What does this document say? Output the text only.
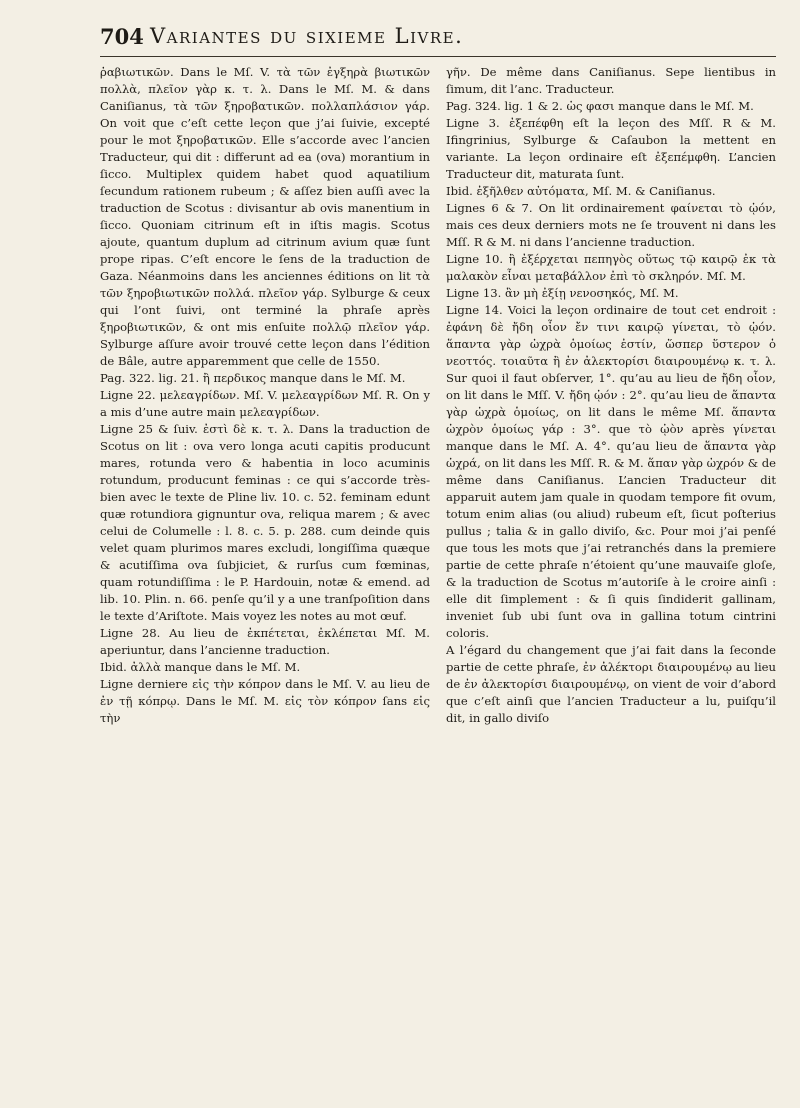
704 Variantes du sixieme Livre.

ῥαβιωτικῶν. Dans le Mſ. V. τὰ τῶν ἐγξηρὰ βιωτικῶν πολλὰ, πλεῖον γὰρ κ. τ. λ. Dans le Mſ. M. & dans Caniſianus, τὰ τῶν ξηροβατικῶν. πολλαπλάσιον γάρ. On voit que c’eſt cette leçon que j’ai ſuivie, excepté pour le mot ξηροβατικῶν. Elle s’accorde avec l’ancien Traducteur, qui dit : differunt ad ea (ova) morantium in ſicco. Multiplex quidem habet quod aquatilium ſecundum rationem rubeum ; & aſſez bien auſſi avec la traduction de Scotus : divisantur ab ovis manentium in ſicco. Quoniam citrinum eſt in iſtis magis. Scotus ajoute, quantum duplum ad citrinum avium quæ ſunt prope ripas. C’eſt encore le ſens de la traduction de Gaza. Néanmoins dans les anciennes éditions on lit τὰ τῶν ξηροβιωτικῶν πολλά. πλεῖον γάρ. Sylburge & ceux qui l’ont ſuivi, ont terminé la phraſe après ξηροβιωτικῶν, & ont mis enſuite πολλῷ πλεῖον γάρ. Sylburge aſſure avoir trouvé cette leçon dans l’édition de Bâle, autre apparemment que celle de 1550.

Pag. 322. lig. 21. ἢ περδικος manque dans le Mſ. M.

Ligne 22. μελεαγρίδων. Mſ. V. μελεαγρίδων Mſ. R. On y a mis d’une autre main μελεαγρίδων.

Ligne 25 & ſuiv. ἐστὶ δὲ κ. τ. λ. Dans la traduction de Scotus on lit : ova vero longa acuti capitis producunt mares, rotunda vero & habentia in loco acuminis rotundum, producunt feminas : ce qui s’accorde très-bien avec le texte de Pline liv. 10. c. 52. feminam edunt quæ rotundiora gignuntur ova, reliqua marem ; & avec celui de Columelle : l. 8. c. 5. p. 288. cum deinde quis velet quam plurimos mares excludi, longiſſima quæque & acutiſſima ova ſubjiciet, & rurſus cum fœminas, quam rotundiſſima : le P. Hardouin, notæ & emend. ad lib. 10. Plin. n. 66. penſe qu’il y a une tranſpoſition dans le texte d’Ariſtote. Mais voyez les notes au mot œuf.

Ligne 28. Au lieu de ἐκπέτεται, ἐκλέπεται Mſ. M. aperiuntur, dans l’ancienne traduction.

Ibid. ἀλλὰ manque dans le Mſ. M.

Ligne derniere εἰς τὴν κόπρον dans le Mſ. V. au lieu de ἐν τῇ κόπρῳ. Dans le Mſ. M. εἰς τὸν κόπρον ſans εἰς τὴν

γῆν. De même dans Caniſianus. Sepe lientibus in ſimum, dit l’anc. Traducteur.

Pag. 324. lig. 1 & 2. ὡς φασι manque dans le Mſ. M.

Ligne 3. ἐξεπέφθη eſt la leçon des Mſſ. R & M. Ifingrinius, Sylburge & Caſaubon la mettent en variante. La leçon ordinaire eſt ἐξεπέμφθη. L’ancien Traducteur dit, maturata ſunt.

Ibid. ἐξῆλθεν αὐτόματα, Mſ. M. & Caniſianus.

Lignes 6 & 7. On lit ordinairement φαίνεται τὸ ᾠόν, mais ces deux derniers mots ne ſe trouvent ni dans les Mſſ. R & M. ni dans l’ancienne traduction.

Ligne 10. ἢ ἐξέρχεται πεπηγὸς οὕτως τῷ καιρῷ ἐκ τὰ μαλακὸν εἶναι μεταβάλλον ἐπὶ τὸ σκληρόν. Mſ. M.

Ligne 13. ἂν μὴ ἐξίῃ νενοσηκός, Mſ. M.

Ligne 14. Voici la leçon ordinaire de tout cet endroit : ἐφάνη δὲ ἤδη οἷον ἔν τινι καιρῷ γίνεται, τὸ ᾠόν. ἅπαντα γὰρ ὠχρὰ ὁμοίως ἐστίν, ὥσπερ ὕστερον ὁ νεοττός. τοιαῦτα ἢ ἐν ἀλεκτορίσι διαιρουμένῳ κ. τ. λ. Sur quoi il faut obſerver, 1°. qu’au au lieu de ἤδη οἷον, on lit dans le Mſſ. V. ἤδη ᾠόν : 2°. qu’au lieu de ἅπαντα γὰρ ὠχρὰ ὁμοίως, on lit dans le même Mſ. ἅπαντα ὠχρὸν ὁμοίως γάρ : 3°. que τὸ ᾠὸν après γίνεται manque dans le Mſ. A. 4°. qu’au lieu de ἅπαντα γὰρ ὠχρά, on lit dans les Mſſ. R. & M. ἅπαν γὰρ ὠχρόν & de même dans Caniſianus. L’ancien Traducteur dit apparuit autem jam quale in quodam tempore fit ovum, totum enim alias (ou aliud) rubeum eſt, ſicut poſterius pullus ; talia & in gallo diviſo, &c. Pour moi j’ai penſé que tous les mots que j’ai retranchés dans la premiere partie de cette phraſe n’étoient qu’une mauvaiſe gloſe, & la traduction de Scotus m’autoriſe à le croire ainſi : elle dit ſimplement : & ſi quis ſindiderit gallinam, inveniet ſub ubi ſunt ova in gallina totum cintrini coloris.

A l’égard du changement que j’ai fait dans la ſeconde partie de cette phraſe, ἐν ἀλέκτορι διαιρουμένῳ au lieu de ἐν ἀλεκτορίσι διαιρουμένῳ, on vient de voir d’abord que c’eſt ainſi que l’ancien Traducteur a lu, puiſqu’il dit, in gallo diviſo
